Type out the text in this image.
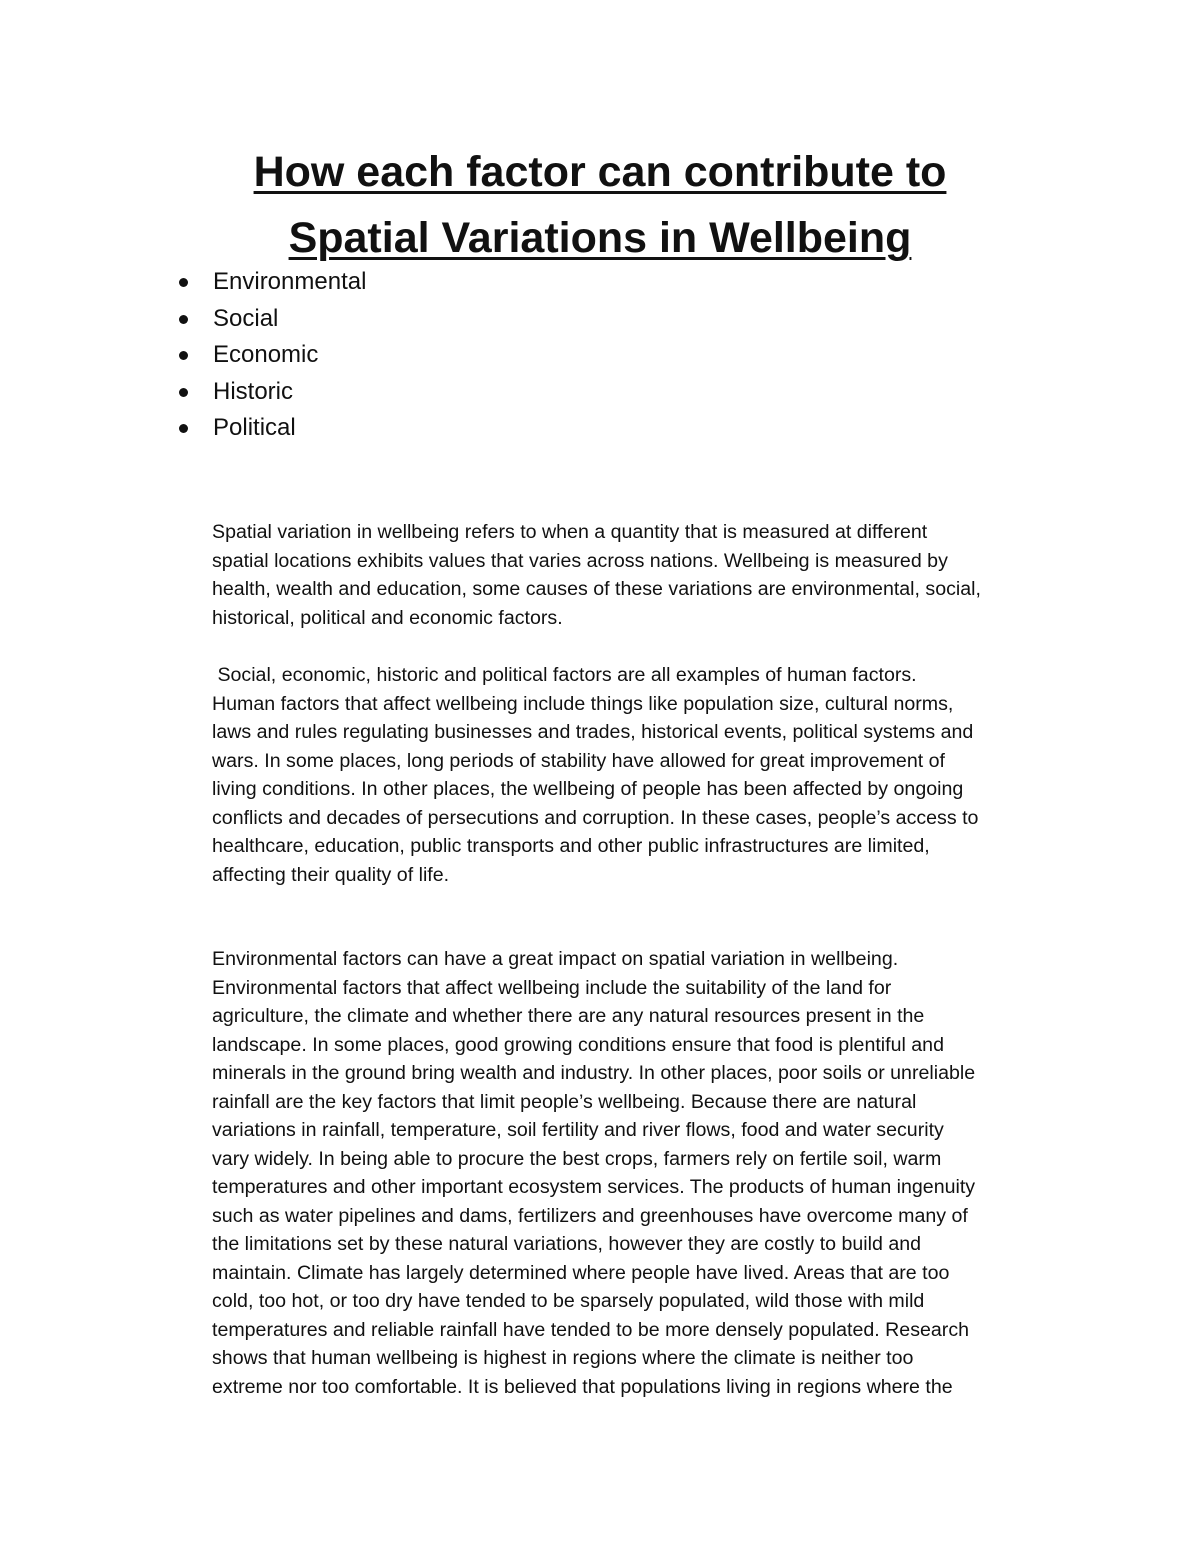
How each factor can contribute to
Spatial Variations in Wellbeing
Environmental
Social
Economic
Historic
Political

Spatial variation in wellbeing refers to when a quantity that is measured at different
spatial locations exhibits values that varies across nations. Wellbeing is measured by
health, wealth and education, some causes of these variations are environmental, social,
historical, political and economic factors.

Social, economic, historic and political factors are all examples of human factors.
Human factors that affect wellbeing include things like population size, cultural norms,
laws and rules regulating businesses and trades, historical events, political systems and
wars. In some places, long periods of stability have allowed for great improvement of
living conditions. In other places, the wellbeing of people has been affected by ongoing
conflicts and decades of persecutions and corruption. In these cases, people’s access to
healthcare, education, public transports and other public infrastructures are limited,
affecting their quality of life.

Environmental factors can have a great impact on spatial variation in wellbeing.
Environmental factors that affect wellbeing include the suitability of the land for
agriculture, the climate and whether there are any natural resources present in the
landscape. In some places, good growing conditions ensure that food is plentiful and
minerals in the ground bring wealth and industry. In other places, poor soils or unreliable
rainfall are the key factors that limit people’s wellbeing. Because there are natural
variations in rainfall, temperature, soil fertility and river flows, food and water security
vary widely. In being able to procure the best crops, farmers rely on fertile soil, warm
temperatures and other important ecosystem services. The products of human ingenuity
such as water pipelines and dams, fertilizers and greenhouses have overcome many of
the limitations set by these natural variations, however they are costly to build and
maintain. Climate has largely determined where people have lived. Areas that are too
cold, too hot, or too dry have tended to be sparsely populated, wild those with mild
temperatures and reliable rainfall have tended to be more densely populated. Research
shows that human wellbeing is highest in regions where the climate is neither too
extreme nor too comfortable. It is believed that populations living in regions where the
